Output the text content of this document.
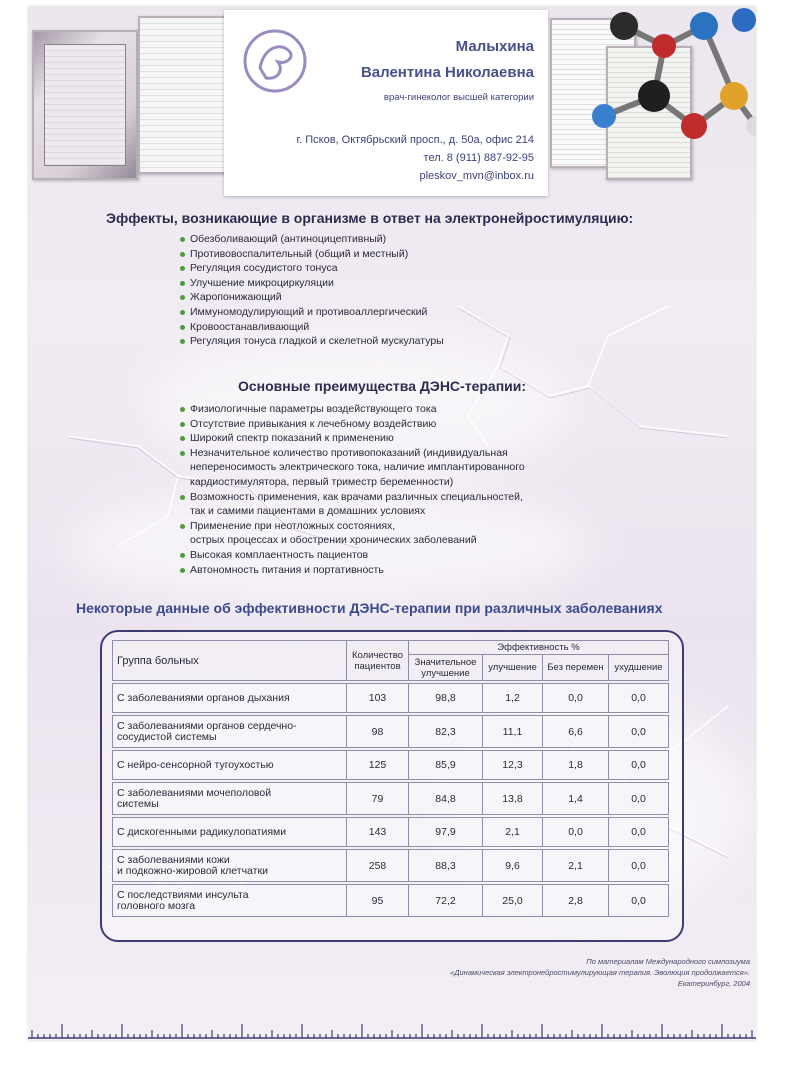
Малыхина
Валентина Николаевна
врач-гинеколог высшей категории
г. Псков, Октябрьский просп., д. 50а, офис 214
тел. 8 (911) 887-92-95
pleskov_mvn@inbox.ru
Эффекты, возникающие в организме в ответ на электронейростимуляцию:
Обезболивающий (антиноцицептивный)
Противовоспалительный (общий и местный)
Регуляция сосудистого тонуса
Улучшение микроциркуляции
Жаропонижающий
Иммуномодулирующий и противоаллергический
Кровоостанавливающий
Регуляция тонуса гладкой и скелетной мускулатуры
Основные преимущества ДЭНС-терапии:
Физиологичные параметры воздействующего тока
Отсутствие привыкания к лечебному воздействию
Широкий спектр показаний к применению
Незначительное количество противопоказаний (индивидуальная
непереносимость электрического тока, наличие имплантированного
кардиостимулятора, первый триместр беременности)
Возможность применения, как врачами различных специальностей,
так и самими пациентами в домашних условиях
Применение при неотложных состояниях,
острых процессах и обострении хронических заболеваний
Высокая комплаентность пациентов
Автономность питания и портативность
Некоторые данные об эффективности ДЭНС-терапии при различных заболеваниях
Группа больных	Количество пациентов	Эффективность %			
		Значительное улучшение	улучшение	Без перемен	ухудшение

С заболеваниями органов дыхания	103	98,8	1,2	0,0	0,0

С заболеваниями органов сердечно-
сосудистой системы	98	82,3	11,1	6,6	0,0

С нейро-сенсорной тугоухостью	125	85,9	12,3	1,8	0,0

С заболеваниями мочеполовой
системы	79	84,8	13,8	1,4	0,0

С дискогенными радикулопатиями	143	97,9	2,1	0,0	0,0

С заболеваниями кожи
и подкожно-жировой клетчатки	258	88,3	9,6	2,1	0,0

С последствиями инсульта
головного мозга	95	72,2	25,0	2,8	0,0
По материалам Международного симпозиума
«Динамическая электронейростимулирующая терапия. Эволюция продолжается».
Екатеринбург, 2004
